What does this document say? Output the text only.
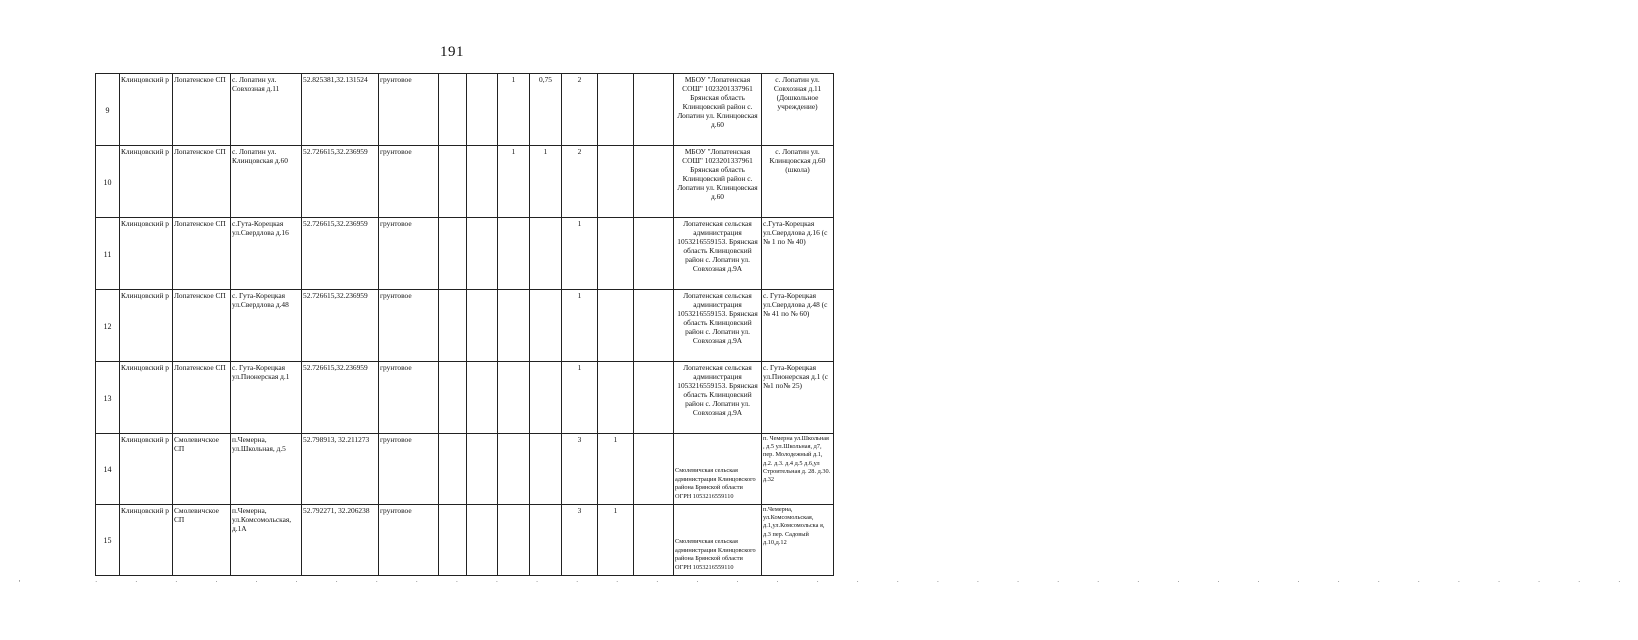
191
9	Клинцовский р	Лопатенское СП	с. Лопатин ул. Совхозная д.11	52.825381,32.131524	грунтовое			1	0,75	2			МБОУ "Лопатенская СОШ" 1023201337961 Брянская область Клинцовский район с. Лопатин ул. Клинцовская д.60	с. Лопатин ул. Совхозная д.11 (Дошкольное учреждение)
10	Клинцовский р	Лопатенское СП	с. Лопатин ул. Клинцовская д.60	52.726615,32.236959	грунтовое			1	1	2			МБОУ "Лопатенская СОШ" 1023201337961 Брянская область Клинцовский район с. Лопатин ул. Клинцовская д.60	с. Лопатин ул. Клинцовская д.60 (школа)
11	Клинцовский р	Лопатенское СП	с.Гута-Корецкая ул.Свердлова д.16	52.726615,32.236959	грунтовое					1			Лопатенская сельская администрация 1053216559153. Брянская область Клинцовский район с. Лопатин ул. Совхозная д.9А	с.Гута-Корецкая ул.Свердлова д.16 (с № 1 по № 40)
12	Клинцовский р	Лопатенское СП	с. Гута-Корецкая ул.Свердлова д.48	52.726615,32.236959	грунтовое					1			Лопатенская сельская администрация 1053216559153. Брянская область Клинцовский район с. Лопатин ул. Совхозная д.9А	с. Гута-Корецкая ул.Свердлова д.48 (с № 41 по № 60)
13	Клинцовский р	Лопатенское СП	с. Гута-Корецкая ул.Пионерская д.1	52.726615,32.236959	грунтовое					1			Лопатенская сельская администрация 1053216559153. Брянская область Клинцовский район с. Лопатин ул. Совхозная д.9А	с. Гута-Корецкая ул.Пионерская д.1 (с №1 по№ 25)
14	Клинцовский р	Смолевичское СП	п.Чемерна, ул.Школьная, д.5	52.798913, 32.211273	грунтовое					3	1		Смолевичская сельская администрация Клинцовского района Брянской области ОГРН 1053216559110	п. Чемерна ул.Школьная , д.5 ул.Школьная, д7, пер. Молодежный д.1, д.2. д.3. д.4 д.5 д.6,ул Строительная д. 28. д.30. д.32
15	Клинцовский р	Смолевичское СП	п.Чемерна, ул.Комсомольская, д.1А	52.792271, 32.206238	грунтовое					3	1		Смолевичская сельская администрация Клинцовского района Брянской области ОГРН 1053216559110	п.Чемерна, ул.Комсомольская, д.1,ул.Комсомольска я, д.3 пер. Садовый д.10,д.12
·	· · · · · · · · · · · · · · · · · · · · · · · · · · · · · · · · · · · · · · ·
